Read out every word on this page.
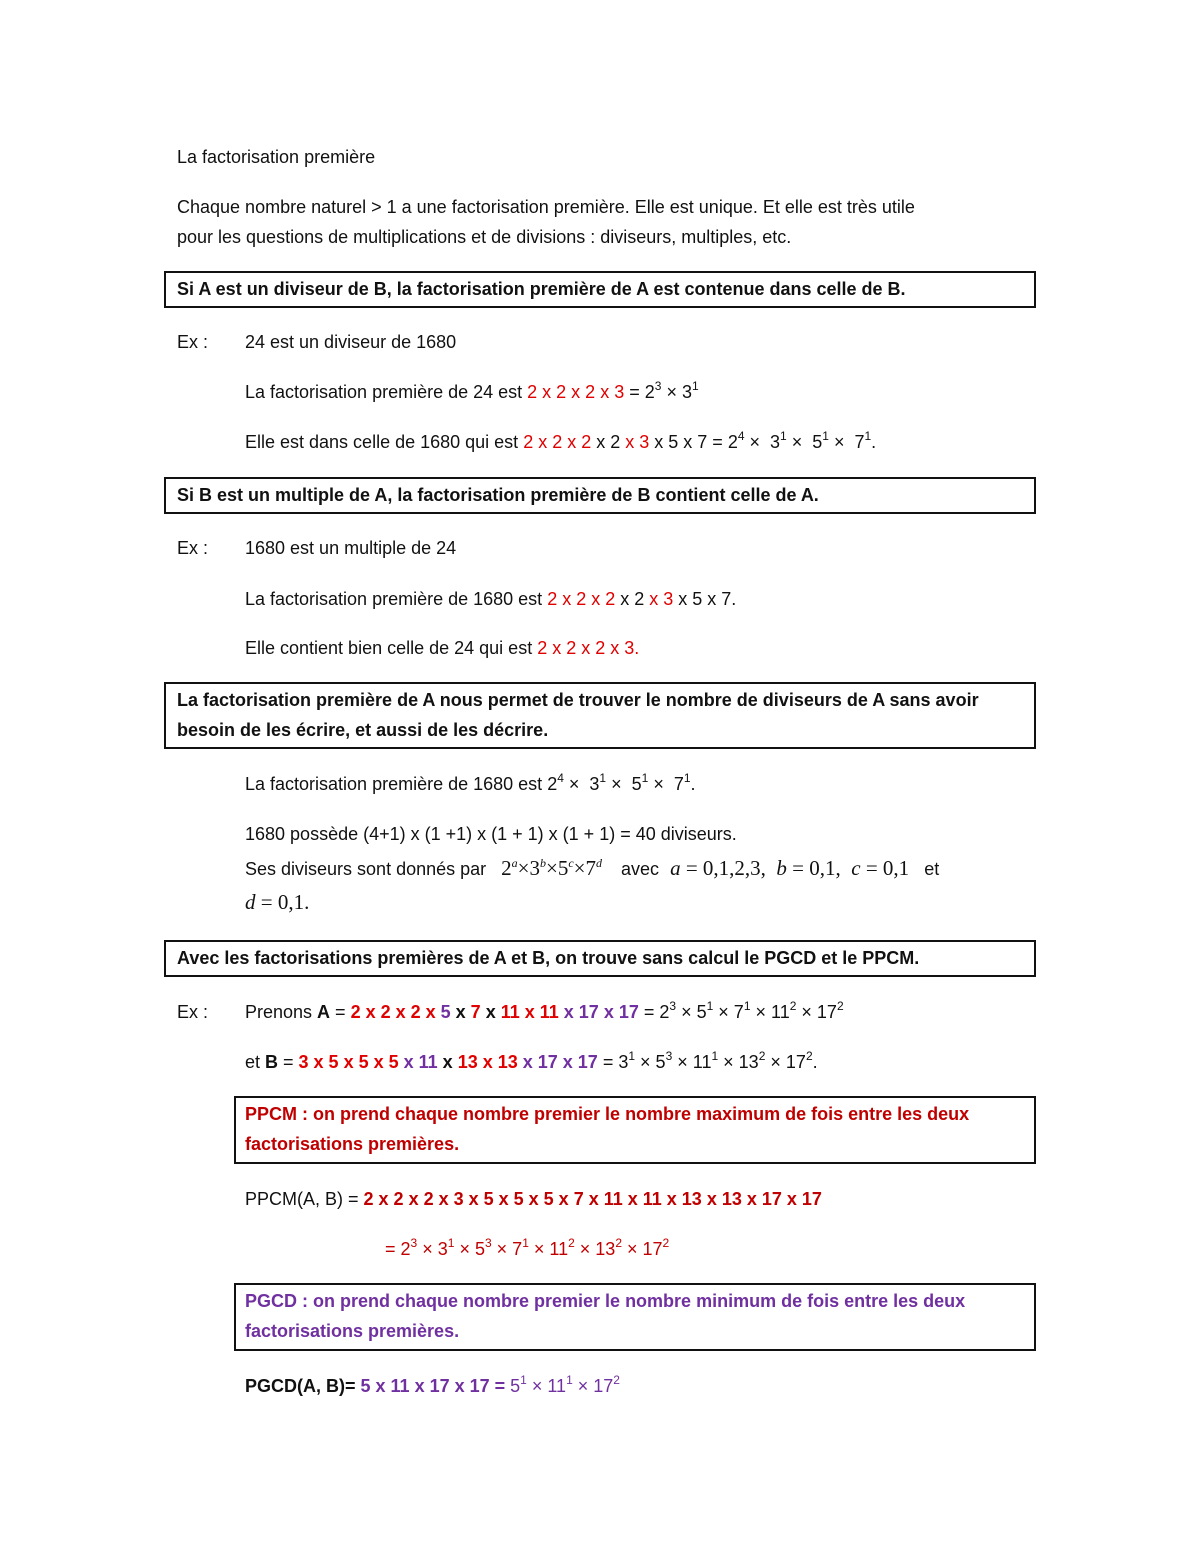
La factorisation première
Chaque nombre naturel > 1 a une factorisation première. Elle est unique. Et elle est très utile
pour les questions de multiplications et de divisions : diviseurs, multiples, etc.
Si A est un diviseur de B, la factorisation première de A est contenue dans celle de B.
Ex : 24 est un diviseur de 1680
La factorisation première de 24 est 2 x 2 x 2 x $3 = 2^3 \times 3^1$
Elle est dans celle de 1680 qui est 2 x 2 x 2 x 2 x 3 x 5 x $7 = 2^4 \times 3^1 \times 5^1 \times 7^1$.
Si B est un multiple de A, la factorisation première de B contient celle de A.
Ex : 1680 est un multiple de 24
La factorisation première de 1680 est 2 x 2 x 2 x 2 x 3 x 5 x 7.
Elle contient bien celle de 24 qui est 2 x 2 x 2 x 3.
La factorisation première de A nous permet de trouver le nombre de diviseurs de A sans avoir
besoin de les écrire, et aussi de les décrire.
La factorisation première de 1680 est $2^4 \times 3^1 \times 5^1 \times 7^1$.
1680 possède (4+1) x (1 +1) x (1 + 1) x (1 + 1) = 40 diviseurs.
Ses diviseurs sont donnés par $2^a\times 3^b\times 5^c\times 7^d$ avec a = 0,1,2,3,  b = 0,1,  c = 0,1 et
d = 0,1.
Avec les factorisations premières de A et B, on trouve sans calcul le PGCD et le PPCM.
Ex : Prenons A = 2 x 2 x 2 x 5 x 7 x 11 x 11 x 17 x $17 = 2^3 \times 5^1 \times 7^1 \times 11^2 \times 17^2$
et B = 3 x 5 x 5 x 5 x 11 x 13 x 13 x 17 x $17 = 3^1 \times 5^3 \times 11^1 \times 13^2 \times 17^2$.
PPCM : on prend chaque nombre premier le nombre maximum de fois entre les deux
factorisations premières.
PPCM(A, B) = 2 x 2 x 2 x 3 x 5 x 5 x 5 x 7 x 11 x 11 x 13 x 13 x 17 x 17
= $2^3 \times 3^1 \times 5^3 \times 7^1 \times 11^2 \times 13^2 \times 17^2$
PGCD : on prend chaque nombre premier le nombre minimum de fois entre les deux
factorisations premières.
PGCD(A, B)= 5 x 11 x 17 x $17 = 5^1 \times 11^1 \times 17^2$
